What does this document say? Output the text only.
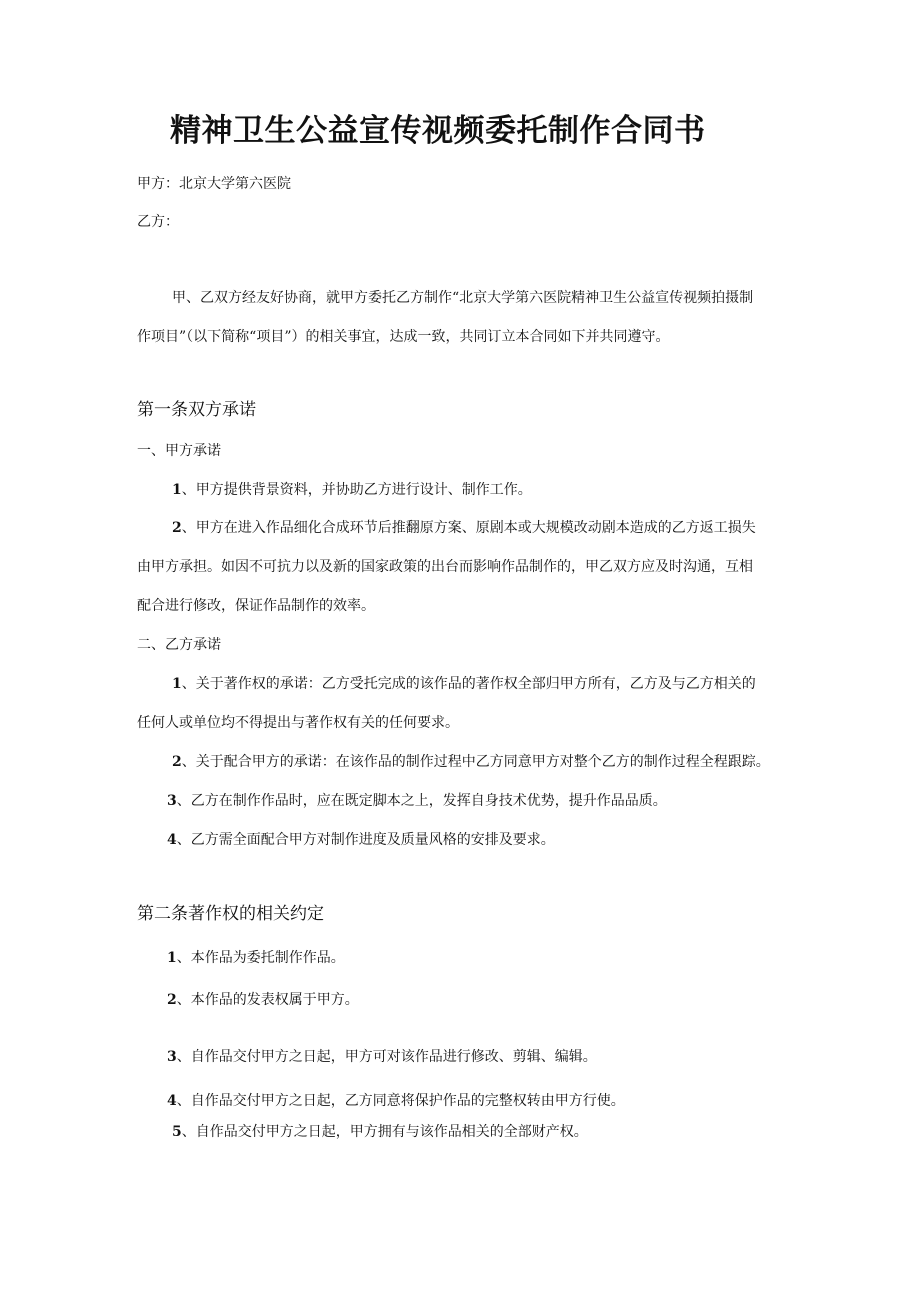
精神卫生公益宣传视频委托制作合同书

甲方：北京大学第六医院

乙方：

甲、乙双方经友好协商，就甲方委托乙方制作“北京大学第六医院精神卫生公益宣传视频拍摄制

作项目”（以下简称“项目”）的相关事宜，达成一致，共同订立本合同如下并共同遵守。

第一条双方承诺

一、甲方承诺

1、甲方提供背景资料，并协助乙方进行设计、制作工作。

2、甲方在进入作品细化合成环节后推翻原方案、原剧本或大规模改动剧本造成的乙方返工损失

由甲方承担。如因不可抗力以及新的国家政策的出台而影响作品制作的，甲乙双方应及时沟通，互相

配合进行修改，保证作品制作的效率。

二、乙方承诺

1、关于著作权的承诺：乙方受托完成的该作品的著作权全部归甲方所有，乙方及与乙方相关的

任何人或单位均不得提出与著作权有关的任何要求。

2、关于配合甲方的承诺：在该作品的制作过程中乙方同意甲方对整个乙方的制作过程全程跟踪。

3、乙方在制作作品时，应在既定脚本之上，发挥自身技术优势，提升作品品质。

4、乙方需全面配合甲方对制作进度及质量风格的安排及要求。

第二条著作权的相关约定

1、本作品为委托制作作品。

2、本作品的发表权属于甲方。

3、自作品交付甲方之日起，甲方可对该作品进行修改、剪辑、编辑。

4、自作品交付甲方之日起，乙方同意将保护作品的完整权转由甲方行使。

5、自作品交付甲方之日起，甲方拥有与该作品相关的全部财产权。
